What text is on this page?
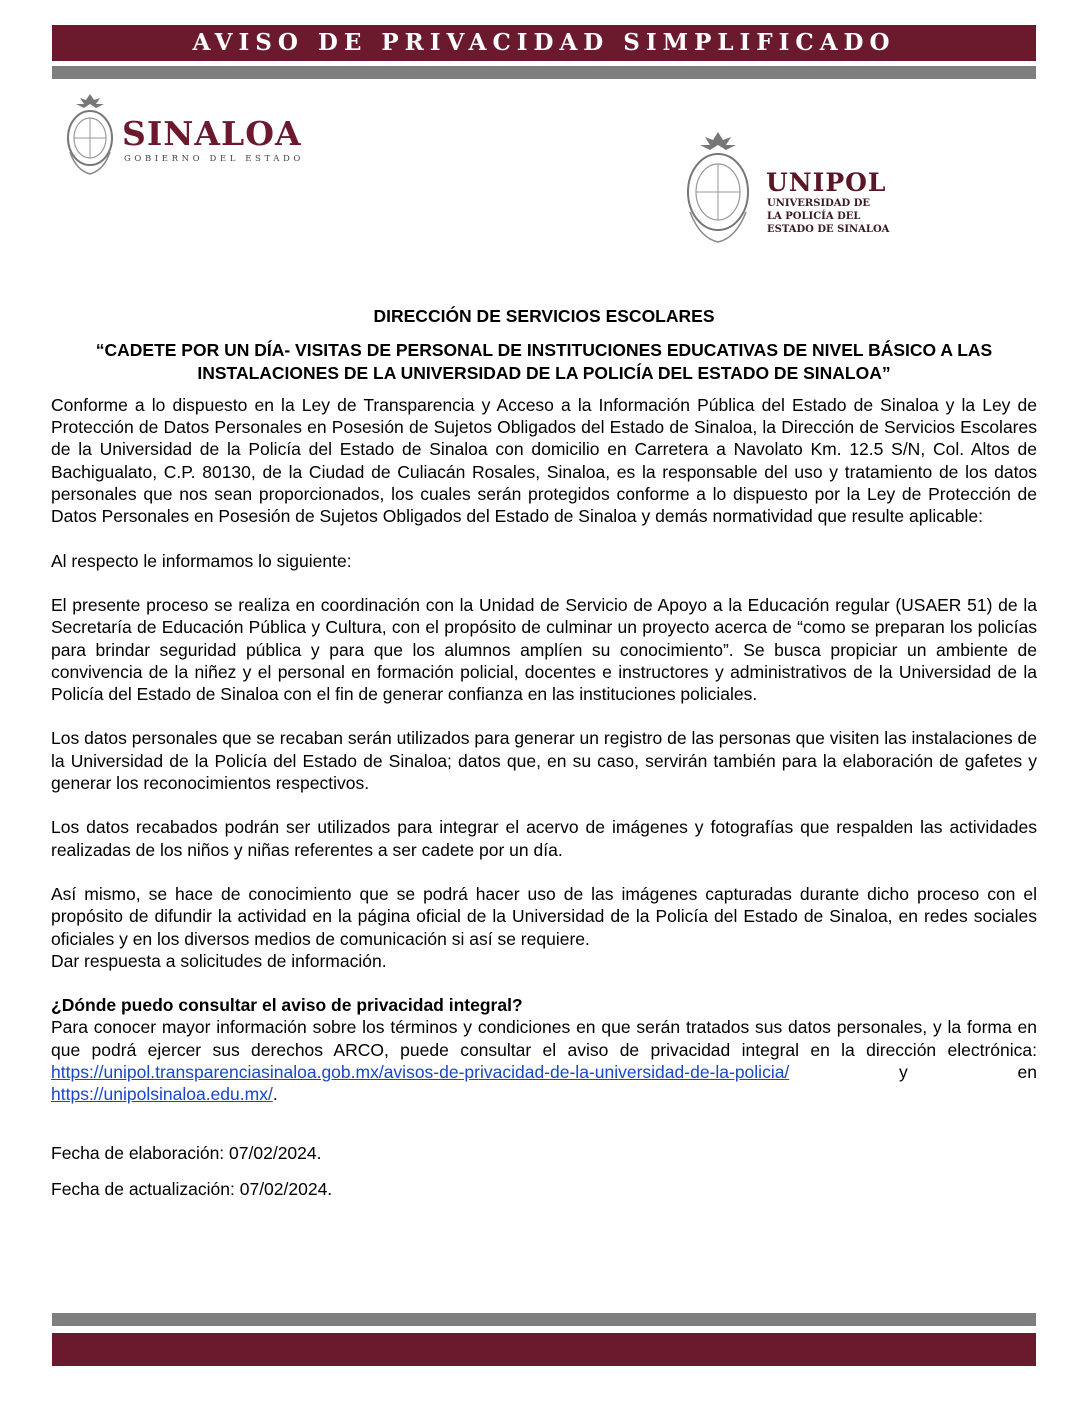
AVISO DE PRIVACIDAD SIMPLIFICADO
SINALOA
GOBIERNO DEL ESTADO
UNIPOL
UNIVERSIDAD DE
LA POLICÍA DEL
ESTADO DE SINALOA

DIRECCIÓN DE SERVICIOS ESCOLARES

“CADETE POR UN DÍA- VISITAS DE PERSONAL DE INSTITUCIONES EDUCATIVAS DE NIVEL BÁSICO A LAS INSTALACIONES DE LA UNIVERSIDAD DE LA POLICÍA DEL ESTADO DE SINALOA”

Conforme a lo dispuesto en la Ley de Transparencia y Acceso a la Información Pública del Estado de Sinaloa y la Ley de Protección de Datos Personales en Posesión de Sujetos Obligados del Estado de Sinaloa, la Dirección de Servicios Escolares de la Universidad de la Policía del Estado de Sinaloa con domicilio en Carretera a Navolato Km. 12.5 S/N, Col. Altos de Bachigualato, C.P. 80130, de la Ciudad de Culiacán Rosales, Sinaloa, es la responsable del uso y tratamiento de los datos personales que nos sean proporcionados, los cuales serán protegidos conforme a lo dispuesto por la Ley de Protección de Datos Personales en Posesión de Sujetos Obligados del Estado de Sinaloa y demás normatividad que resulte aplicable:

Al respecto le informamos lo siguiente:

El presente proceso se realiza en coordinación con la Unidad de Servicio de Apoyo a la Educación regular (USAER 51) de la Secretaría de Educación Pública y Cultura, con el propósito de culminar un proyecto acerca de “como se preparan los policías para brindar seguridad pública y para que los alumnos amplíen su conocimiento”. Se busca propiciar un ambiente de convivencia de la niñez y el personal en formación policial, docentes e instructores y administrativos de la Universidad de la Policía del Estado de Sinaloa con el fin de generar confianza en las instituciones policiales.

Los datos personales que se recaban serán utilizados para generar un registro de las personas que visiten las instalaciones de la Universidad de la Policía del Estado de Sinaloa; datos que, en su caso, servirán también para la elaboración de gafetes y generar los reconocimientos respectivos.

Los datos recabados podrán ser utilizados para integrar el acervo de imágenes y fotografías que respalden las actividades realizadas de los niños y niñas referentes a ser cadete por un día.

Así mismo, se hace de conocimiento que se podrá hacer uso de las imágenes capturadas durante dicho proceso con el propósito de difundir la actividad en la página oficial de la Universidad de la Policía del Estado de Sinaloa, en redes sociales oficiales y en los diversos medios de comunicación si así se requiere.

Dar respuesta a solicitudes de información.

¿Dónde puedo consultar el aviso de privacidad integral?

Para conocer mayor información sobre los términos y condiciones en que serán tratados sus datos personales, y la forma en que podrá ejercer sus derechos ARCO, puede consultar el aviso de privacidad integral en la dirección electrónica: https://unipol.transparenciasinaloa.gob.mx/avisos-de-privacidad-de-la-universidad-de-la-policia/ y en https://unipolsinaloa.edu.mx/.

Fecha de elaboración: 07/02/2024.

Fecha de actualización: 07/02/2024.
